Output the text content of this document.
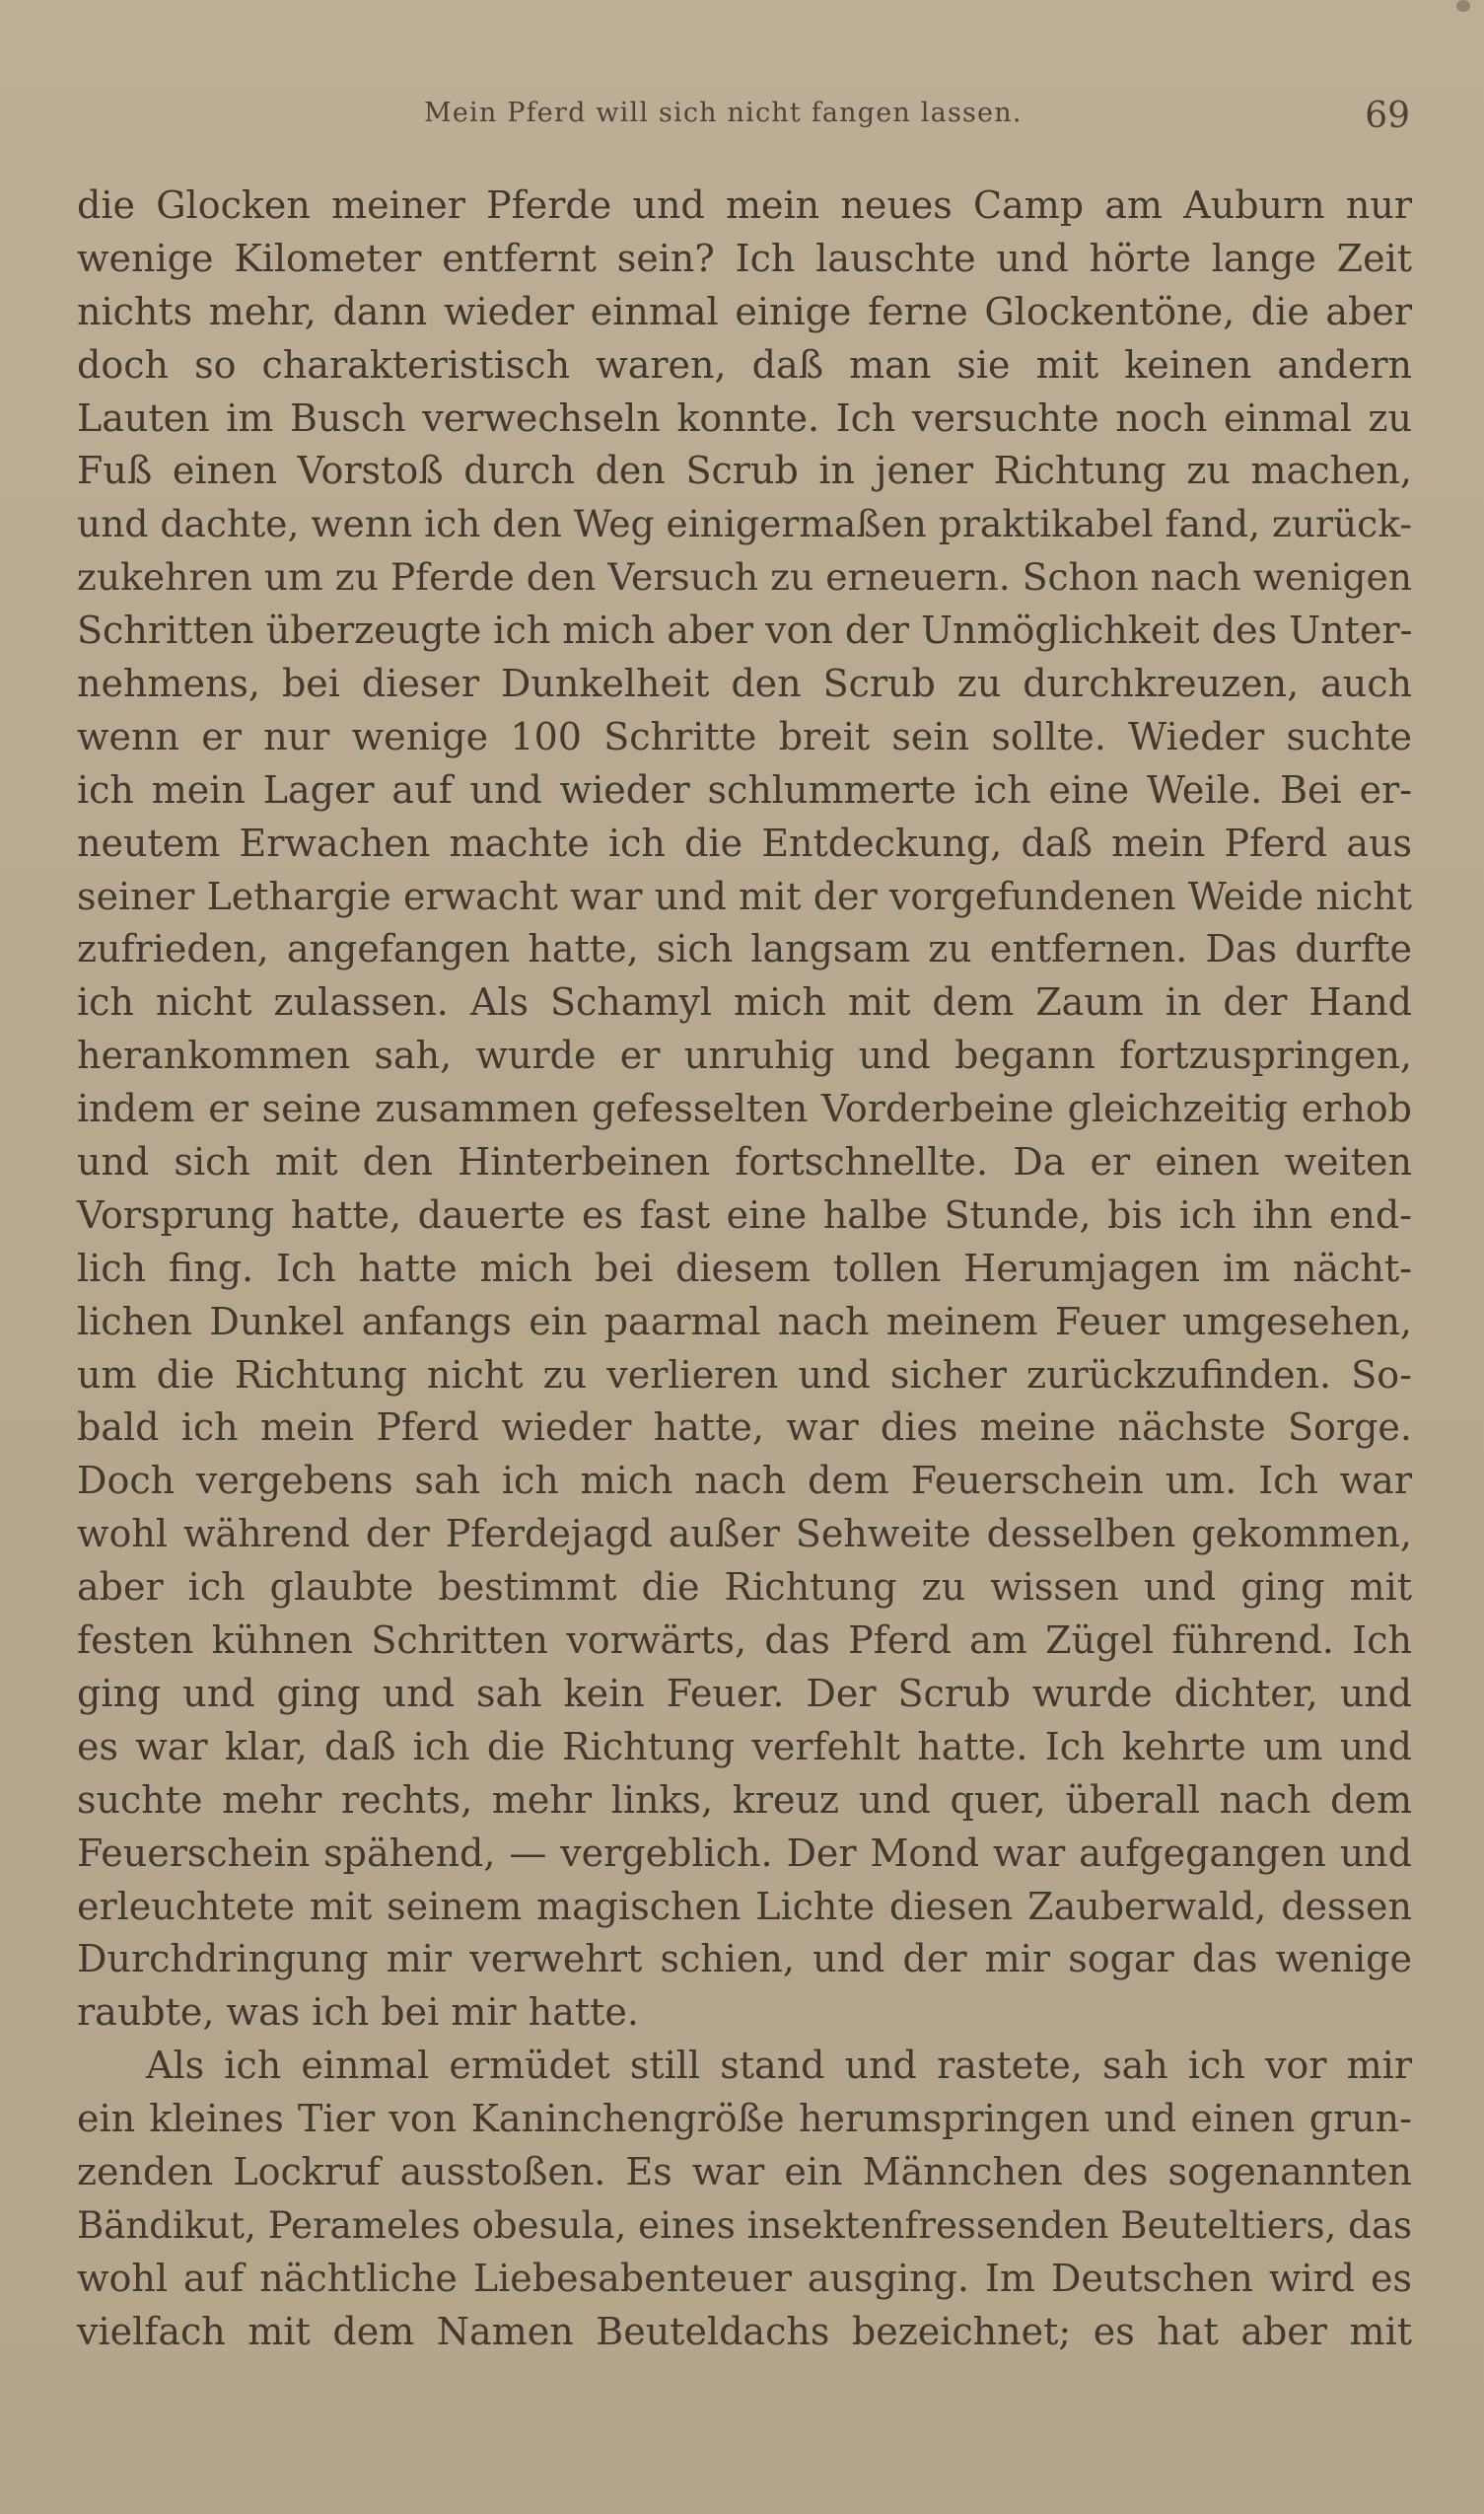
Mein Pferd will sich nicht fangen lassen.	69
die Glocken meiner Pferde und mein neues Camp am Auburn nur
wenige Kilometer entfernt sein? Ich lauschte und hörte lange Zeit
nichts mehr, dann wieder einmal einige ferne Glockentöne, die aber
doch so charakteristisch waren, daß man sie mit keinen andern
Lauten im Busch verwechseln konnte. Ich versuchte noch einmal zu
Fuß einen Vorstoß durch den Scrub in jener Richtung zu machen,
und dachte, wenn ich den Weg einigermaßen praktikabel fand, zurück-
zukehren um zu Pferde den Versuch zu erneuern. Schon nach wenigen
Schritten überzeugte ich mich aber von der Unmöglichkeit des Unter-
nehmens, bei dieser Dunkelheit den Scrub zu durchkreuzen, auch
wenn er nur wenige 100 Schritte breit sein sollte. Wieder suchte
ich mein Lager auf und wieder schlummerte ich eine Weile. Bei er-
neutem Erwachen machte ich die Entdeckung, daß mein Pferd aus
seiner Lethargie erwacht war und mit der vorgefundenen Weide nicht
zufrieden, angefangen hatte, sich langsam zu entfernen. Das durfte
ich nicht zulassen. Als Schamyl mich mit dem Zaum in der Hand
herankommen sah, wurde er unruhig und begann fortzuspringen,
indem er seine zusammen gefesselten Vorderbeine gleichzeitig erhob
und sich mit den Hinterbeinen fortschnellte. Da er einen weiten
Vorsprung hatte, dauerte es fast eine halbe Stunde, bis ich ihn end-
lich fing. Ich hatte mich bei diesem tollen Herumjagen im nächt-
lichen Dunkel anfangs ein paarmal nach meinem Feuer umgesehen,
um die Richtung nicht zu verlieren und sicher zurückzufinden. So-
bald ich mein Pferd wieder hatte, war dies meine nächste Sorge.
Doch vergebens sah ich mich nach dem Feuerschein um. Ich war
wohl während der Pferdejagd außer Sehweite desselben gekommen,
aber ich glaubte bestimmt die Richtung zu wissen und ging mit
festen kühnen Schritten vorwärts, das Pferd am Zügel führend. Ich
ging und ging und sah kein Feuer. Der Scrub wurde dichter, und
es war klar, daß ich die Richtung verfehlt hatte. Ich kehrte um und
suchte mehr rechts, mehr links, kreuz und quer, überall nach dem
Feuerschein spähend, — vergeblich. Der Mond war aufgegangen und
erleuchtete mit seinem magischen Lichte diesen Zauberwald, dessen
Durchdringung mir verwehrt schien, und der mir sogar das wenige
raubte, was ich bei mir hatte.
Als ich einmal ermüdet still stand und rastete, sah ich vor mir
ein kleines Tier von Kaninchengröße herumspringen und einen grun-
zenden Lockruf ausstoßen. Es war ein Männchen des sogenannten
Bändikut, Perameles obesula, eines insektenfressenden Beuteltiers, das
wohl auf nächtliche Liebesabenteuer ausging. Im Deutschen wird es
vielfach mit dem Namen Beuteldachs bezeichnet; es hat aber mit
